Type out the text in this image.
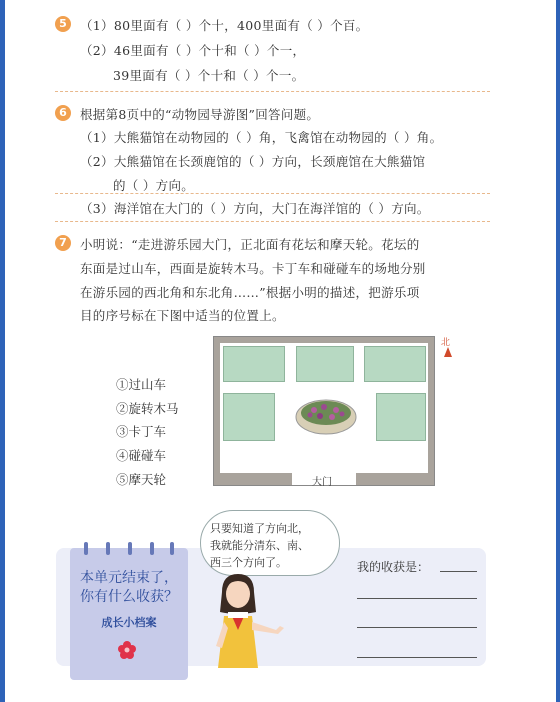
5	（1）80里面有（ ）个十，400里面有（ ）个百。
（2）46里面有（ ）个十和（ ）个一，
39里面有（ ）个十和（ ）个一。
6	根据第8页中的“动物园导游图”回答问题。
（1）大熊猫馆在动物园的（ ）角，飞禽馆在动物园的（ ）角。
（2）大熊猫馆在长颈鹿馆的（ ）方向，长颈鹿馆在大熊猫馆
的（ ）方向。
（3）海洋馆在大门的（ ）方向，大门在海洋馆的（ ）方向。
7	小明说：“走进游乐园大门，正北面有花坛和摩天轮。花坛的
东面是过山车，西面是旋转木马。卡丁车和碰碰车的场地分别
在游乐园的西北角和东北角……”根据小明的描述，把游乐项
目的序号标在下图中适当的位置上。
①过山车
②旋转木马
③卡丁车
④碰碰车
⑤摩天轮	大门
北
本单元结束了，
你有什么收获？
成长小档案
只要知道了方向北，
我就能分清东、南、
西三个方向了。	我的收获是：
